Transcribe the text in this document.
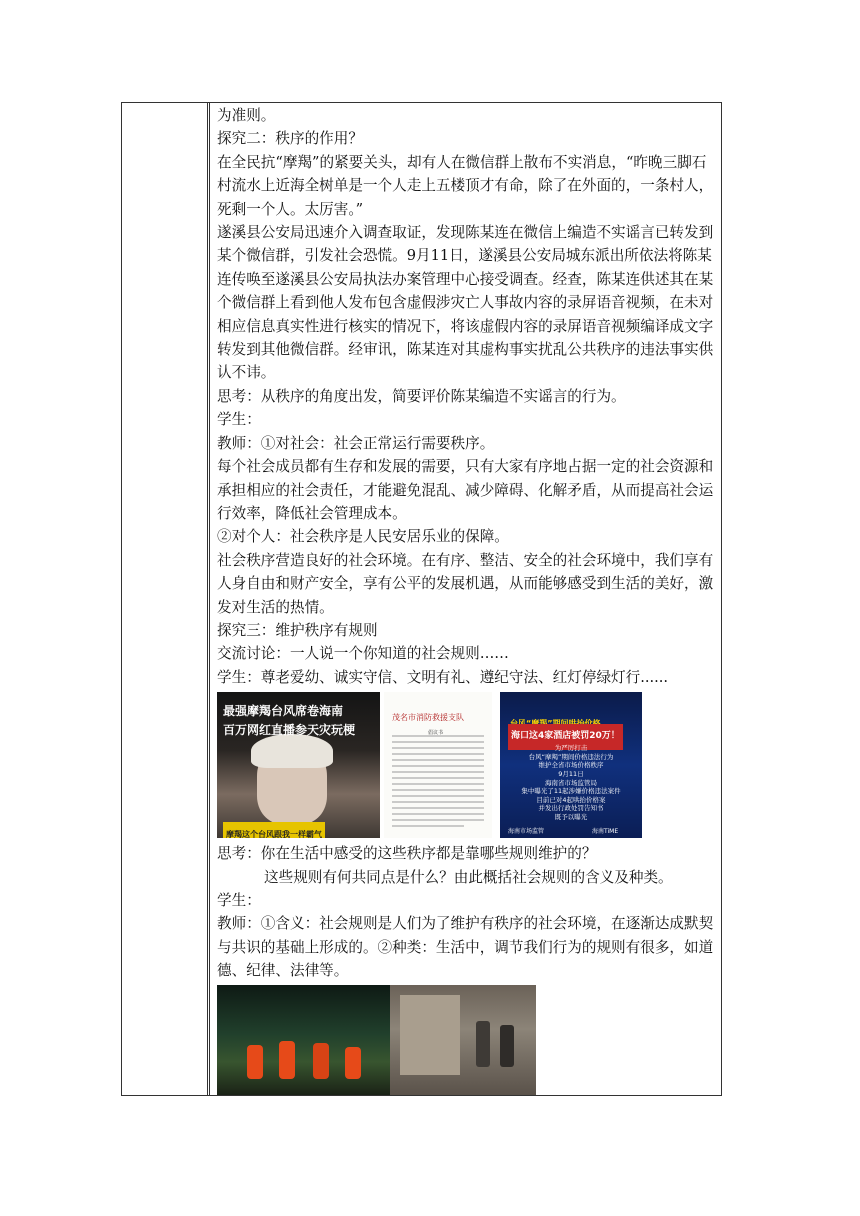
为准则。

探究二：秩序的作用？

在全民抗“摩羯”的紧要关头，却有人在微信群上散布不实消息，“昨晚三脚石村流水上近海全树单是一个人走上五楼顶才有命，除了在外面的，一条村人，死剩一个人。太厉害。”

遂溪县公安局迅速介入调查取证，发现陈某连在微信上编造不实谣言已转发到某个微信群，引发社会恐慌。9月11日，遂溪县公安局城东派出所依法将陈某连传唤至遂溪县公安局执法办案管理中心接受调查。经查，陈某连供述其在某个微信群上看到他人发布包含虚假涉灾亡人事故内容的录屏语音视频，在未对相应信息真实性进行核实的情况下，将该虚假内容的录屏语音视频编译成文字转发到其他微信群。经审讯，陈某连对其虚构事实扰乱公共秩序的违法事实供认不讳。

思考：从秩序的角度出发，简要评价陈某编造不实谣言的行为。

学生：

教师：①对社会：社会正常运行需要秩序。

每个社会成员都有生存和发展的需要，只有大家有序地占据一定的社会资源和承担相应的社会责任，才能避免混乱、减少障碍、化解矛盾，从而提高社会运行效率，降低社会管理成本。

②对个人：社会秩序是人民安居乐业的保障。

社会秩序营造良好的社会环境。在有序、整洁、安全的社会环境中，我们享有人身自由和财产安全，享有公平的发展机遇，从而能够感受到生活的美好，激发对生活的热情。

探究三：维护秩序有规则

交流讨论：一人说一个你知道的社会规则……

学生：尊老爱幼、诚实守信、文明有礼、遵纪守法、红灯停绿灯行......

最强摩羯台风席卷海南
百万网红直播参天灾玩梗
摩羯这个台风跟我一样霸气
茂名市消防救援支队
倡议书	海口这4家酒店被罚20万！
为严厉打击
台风“摩羯”期间价格违法行为
维护全省市场价格秩序
9月11日
海南省市场监管局
集中曝光了11起涉嫌价格违法案件
目前已对4起哄抬价格案
并发出行政处罚告知书
既予以曝光
海南市场监管	海南TiME

思考：你在生活中感受的这些秩序都是靠哪些规则维护的？

这些规则有何共同点是什么？由此概括社会规则的含义及种类。

学生：

教师：①含义：社会规则是人们为了维护有秩序的社会环境，在逐渐达成默契与共识的基础上形成的。②种类：生活中，调节我们行为的规则有很多，如道德、纪律、法律等。
